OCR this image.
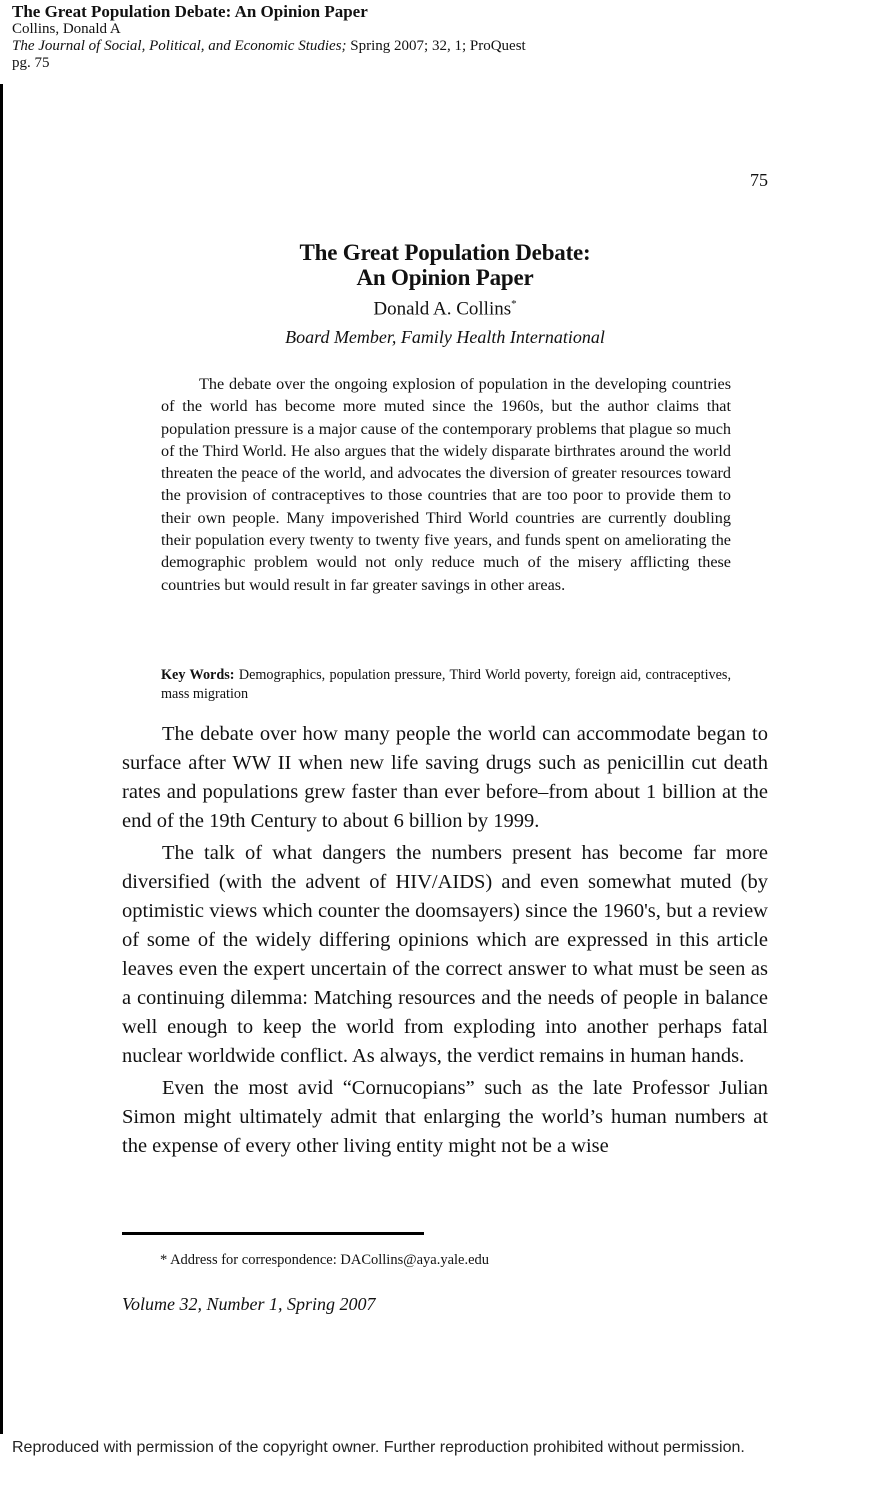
The Great Population Debate: An Opinion Paper
Collins, Donald A
The Journal of Social, Political, and Economic Studies; Spring 2007; 32, 1; ProQuest
pg. 75
75
The Great Population Debate:
An Opinion Paper
Donald A. Collins*
Board Member, Family Health International

The debate over the ongoing explosion of population in the developing countries of the world has become more muted since the 1960s, but the author claims that population pressure is a major cause of the contemporary problems that plague so much of the Third World. He also argues that the widely disparate birthrates around the world threaten the peace of the world, and advocates the diversion of greater resources toward the provision of contraceptives to those countries that are too poor to provide them to their own people. Many impoverished Third World countries are currently doubling their population every twenty to twenty five years, and funds spent on ameliorating the demographic problem would not only reduce much of the misery afflicting these countries but would result in far greater savings in other areas.

Key Words: Demographics, population pressure, Third World poverty, foreign aid, contraceptives, mass migration

The debate over how many people the world can accommodate began to surface after WW II when new life saving drugs such as penicillin cut death rates and populations grew faster than ever before–from about 1 billion at the end of the 19th Century to about 6 billion by 1999.

The talk of what dangers the numbers present has become far more diversified (with the advent of HIV/AIDS) and even somewhat muted (by optimistic views which counter the doomsayers) since the 1960's, but a review of some of the widely differing opinions which are expressed in this article leaves even the expert uncertain of the correct answer to what must be seen as a continuing dilemma: Matching resources and the needs of people in balance well enough to keep the world from exploding into another perhaps fatal nuclear worldwide conflict. As always, the verdict remains in human hands.

Even the most avid “Cornucopians” such as the late Professor Julian Simon might ultimately admit that enlarging the world’s human numbers at the expense of every other living entity might not be a wise

* Address for correspondence: DACollins@aya.yale.edu
Volume 32, Number 1, Spring 2007
Reproduced with permission of the copyright owner. Further reproduction prohibited without permission.
